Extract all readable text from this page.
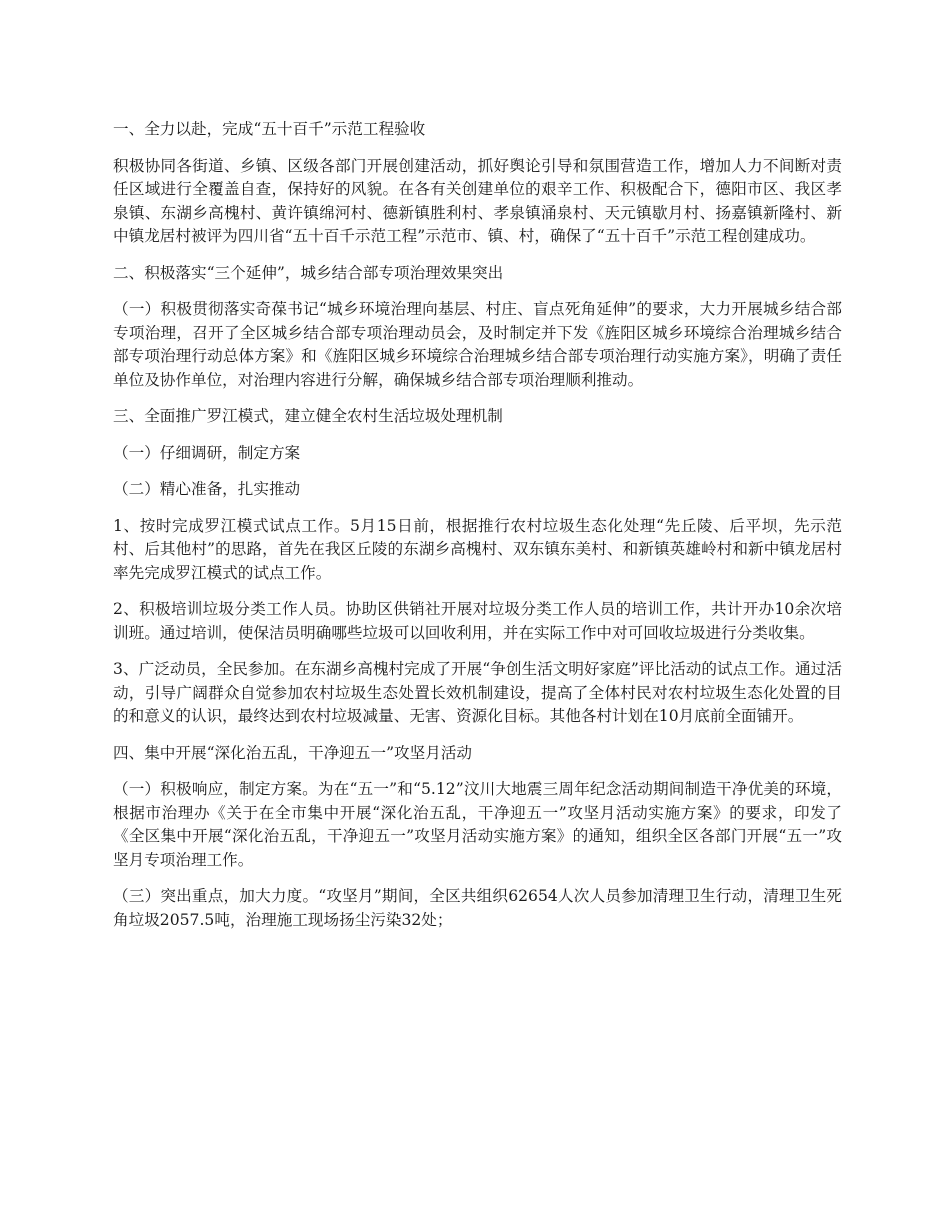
一、全力以赴，完成“五十百千”示范工程验收

积极协同各街道、乡镇、区级各部门开展创建活动，抓好舆论引导和氛围营造工作，增加人力不间断对责任区域进行全覆盖自查，保持好的风貌。在各有关创建单位的艰辛工作、积极配合下，德阳市区、我区孝泉镇、东湖乡高槐村、黄许镇绵河村、德新镇胜利村、孝泉镇涌泉村、天元镇歇月村、扬嘉镇新隆村、新中镇龙居村被评为四川省“五十百千示范工程”示范市、镇、村，确保了“五十百千”示范工程创建成功。

二、积极落实“三个延伸”，城乡结合部专项治理效果突出

（一）积极贯彻落实奇葆书记“城乡环境治理向基层、村庄、盲点死角延伸”的要求，大力开展城乡结合部专项治理，召开了全区城乡结合部专项治理动员会，及时制定并下发《旌阳区城乡环境综合治理城乡结合部专项治理行动总体方案》和《旌阳区城乡环境综合治理城乡结合部专项治理行动实施方案》，明确了责任单位及协作单位，对治理内容进行分解，确保城乡结合部专项治理顺利推动。

三、全面推广罗江模式，建立健全农村生活垃圾处理机制

（一）仔细调研，制定方案

（二）精心准备，扎实推动

1、按时完成罗江模式试点工作。5月15日前，根据推行农村垃圾生态化处理“先丘陵、后平坝，先示范村、后其他村”的思路，首先在我区丘陵的东湖乡高槐村、双东镇东美村、和新镇英雄岭村和新中镇龙居村率先完成罗江模式的试点工作。

2、积极培训垃圾分类工作人员。协助区供销社开展对垃圾分类工作人员的培训工作，共计开办10余次培训班。通过培训，使保洁员明确哪些垃圾可以回收利用，并在实际工作中对可回收垃圾进行分类收集。

3、广泛动员，全民参加。在东湖乡高槐村完成了开展“争创生活文明好家庭”评比活动的试点工作。通过活动，引导广阔群众自觉参加农村垃圾生态处置长效机制建设，提高了全体村民对农村垃圾生态化处置的目的和意义的认识，最终达到农村垃圾减量、无害、资源化目标。其他各村计划在10月底前全面铺开。

四、集中开展“深化治五乱，干净迎五一”攻坚月活动

（一）积极响应，制定方案。为在“五一”和“5.12”汶川大地震三周年纪念活动期间制造干净优美的环境，根据市治理办《关于在全市集中开展“深化治五乱，干净迎五一”攻坚月活动实施方案》的要求，印发了《全区集中开展“深化治五乱，干净迎五一”攻坚月活动实施方案》的通知，组织全区各部门开展“五一”攻坚月专项治理工作。

（三）突出重点，加大力度。“攻坚月”期间，全区共组织62654人次人员参加清理卫生行动，清理卫生死角垃圾2057.5吨，治理施工现场扬尘污染32处；
